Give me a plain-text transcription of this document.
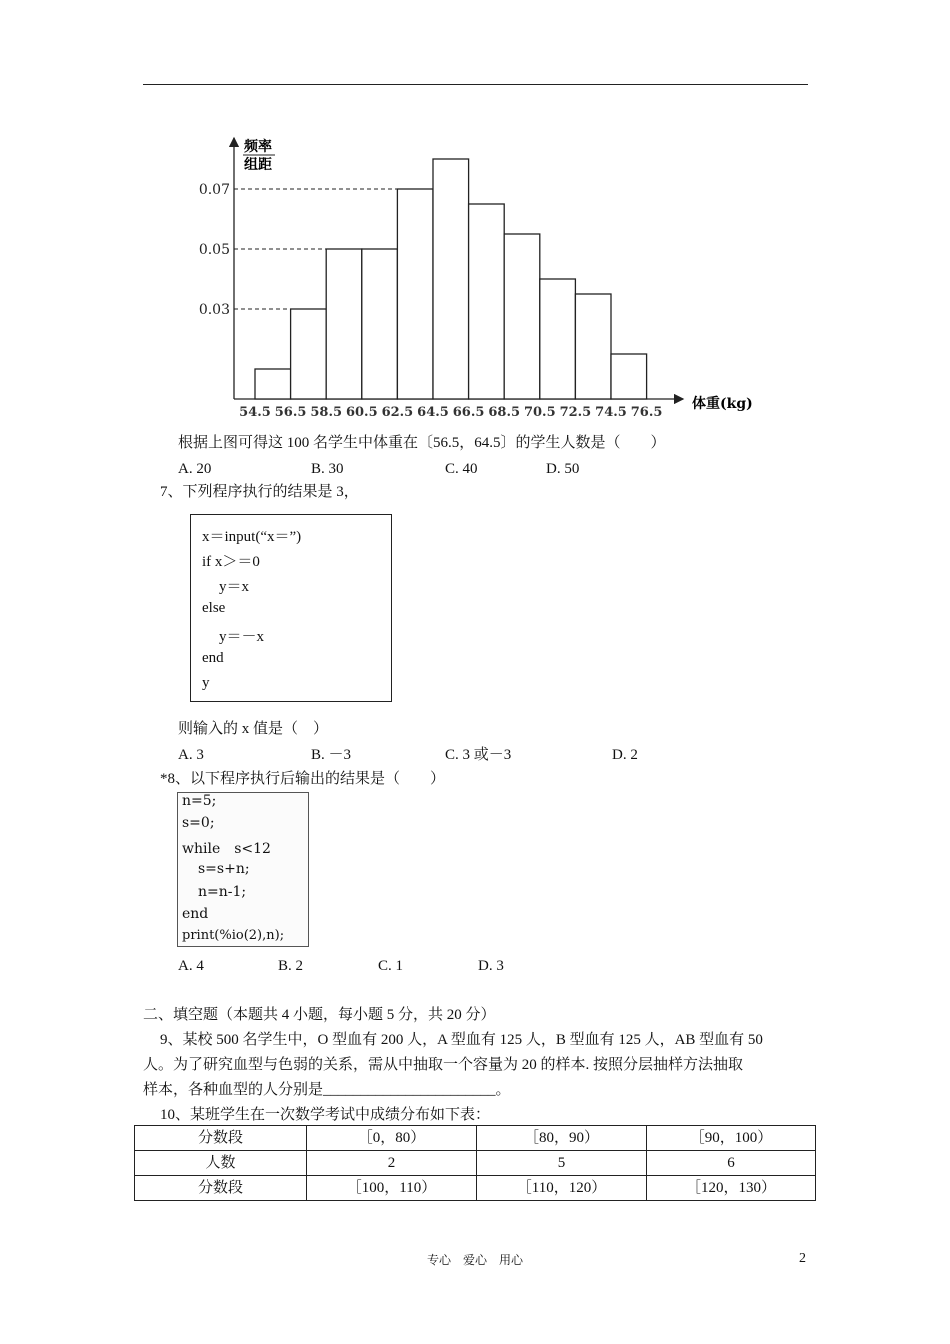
54.5 56.5 58.5 60.5 62.5 64.5 66.5 68.5 70.5 72.5 74.5 76.5
0.03
0.05
0.07
频率
组距
体重(kg)
根据上图可得这 100 名学生中体重在〔56.5，64.5〕的学生人数是（　　）
A. 20	B. 30	C. 40	D. 50
7、下列程序执行的结果是 3，
x＝input(“x＝”)
if x＞＝0
y＝x
else
y＝－x
end
y
则输入的 x 值是（　）
A. 3	B. －3	C. 3 或－3	D. 2
*8、以下程序执行后输出的结果是（　　）
n=5;
s=0;
while　s<12
s=s+n;
n=n-1;
end
print(%io(2),n);
A. 4	B. 2	C. 1	D. 3
二、填空题（本题共 4 小题，每小题 5 分，共 20 分）
9、某校 500 名学生中，O 型血有 200 人，A 型血有 125 人，B 型血有 125 人，AB 型血有 50
人。为了研究血型与色弱的关系，需从中抽取一个容量为 20 的样本. 按照分层抽样方法抽取
样本，各种血型的人分别是_______________________。
10、某班学生在一次数学考试中成绩分布如下表：
分数段	［0，80）	［80，90）	［90，100）
人数	2	5	6
分数段	［100，110）	［110，120）	［120，130）
专心　爱心　用心	2
